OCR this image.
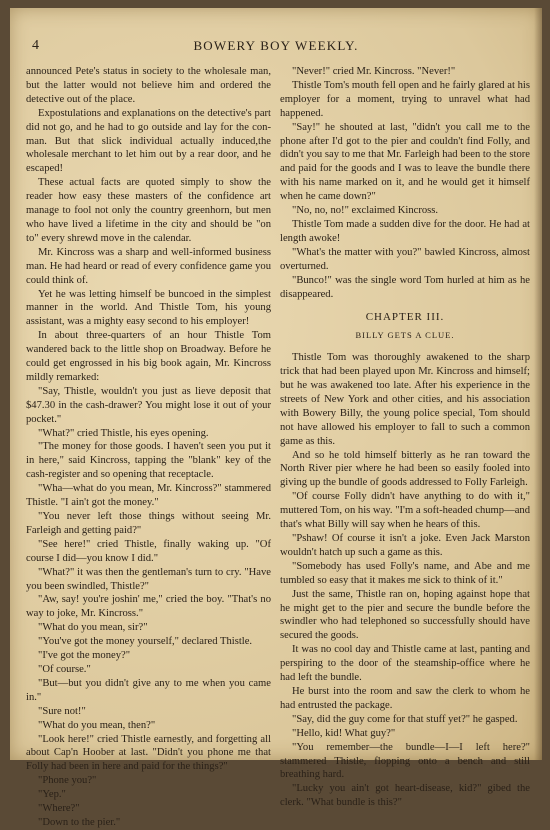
4	BOWERY BOY WEEKLY.

announced Pete's status in society to the wholesale man, but the latter would not believe him and ordered the detective out of the place.

Expostulations and explanations on the detective's part did not go, and he had to go outside and lay for the con-man. But that slick individual actually induced,the wholesale merchant to let him out by a rear door, and he escaped!

These actual facts are quoted simply to show the reader how easy these masters of the confidence art manage to fool not only the country greenhorn, but men who have lived a lifetime in the city and should be "on to" every shrewd move in the calendar.

Mr. Kincross was a sharp and well-informed business man. He had heard or read of every confidence game you could think of.

Yet he was letting himself be buncoed in the simplest manner in the world. And Thistle Tom, his young assistant, was a mighty easy second to his employer!

In about three-quarters of an hour Thistle Tom wandered back to the little shop on Broadway. Before he could get engrossed in his big book again, Mr. Kincross mildly remarked:

"Say, Thistle, wouldn't you just as lieve deposit that $47.30 in the cash-drawer? You might lose it out of your pocket."

"What?" cried Thistle, his eyes opening.

"The money for those goods. I haven't seen you put it in here," said Kincross, tapping the "blank" key of the cash-register and so opening that receptacle.

"Wha—what do you mean, Mr. Kincross?" stammered Thistle. "I ain't got the money."

"You never left those things without seeing Mr. Farleigh and getting paid?"

"See here!" cried Thistle, finally waking up. "Of course I did—you know I did."

"What?" it was then the gentleman's turn to cry. "Have you been swindled, Thistle?"

"Aw, say! you're joshin' me," cried the boy. "That's no way to joke, Mr. Kincross."

"What do you mean, sir?"

"You've got the money yourself," declared Thistle.

"I've got the money?"

"Of course."

"But—but you didn't give any to me when you came in."

"Sure not!"

"What do you mean, then?"

"Look here!" cried Thistle earnestly, and forgetting all about Cap'n Hoober at last. "Didn't you phone me that Folly had been in here and paid for the things?"

"Phone you?"

"Yep."

"Where?"

"Down to the pier."

"Never!" cried Mr. Kincross. "Never!"

Thistle Tom's mouth fell open and he fairly glared at his employer for a moment, trying to unravel what had happened.

"Say!" he shouted at last, "didn't you call me to the phone after I'd got to the pier and couldn't find Folly, and didn't you say to me that Mr. Farleigh had been to the store and paid for the goods and I was to leave the bundle there with his name marked on it, and he would get it himself when he came down?"

"No, no, no!" exclaimed Kincross.

Thistle Tom made a sudden dive for the door. He had at length awoke!

"What's the matter with you?" bawled Kincross, almost overturned.

"Bunco!" was the single word Tom hurled at him as he disappeared.

CHAPTER III.

BILLY GETS A CLUE.

Thistle Tom was thoroughly awakened to the sharp trick that had been played upon Mr. Kincross and himself; but he was awakened too late. After his experience in the streets of New York and other cities, and his association with Bowery Billy, the young police special, Tom should not have allowed his employer to fall to such a common game as this.

And so he told himself bitterly as he ran toward the North River pier where he had been so easily fooled into giving up the bundle of goods addressed to Folly Farleigh.

"Of course Folly didn't have anything to do with it," muttered Tom, on his way. "I'm a soft-headed chump—and that's what Billy will say when he hears of this.

"Pshaw! Of course it isn't a joke. Even Jack Marston wouldn't hatch up such a game as this.

"Somebody has used Folly's name, and Abe and me tumbled so easy that it makes me sick to think of it."

Just the same, Thistle ran on, hoping against hope that he might get to the pier and secure the bundle before the swindler who had telephoned so successfully should have secured the goods.

It was no cool day and Thistle came at last, panting and perspiring to the door of the steamship-office where he had left the bundle.

He burst into the room and saw the clerk to whom he had entrusted the package.

"Say, did the guy come for that stuff yet?" he gasped.

"Hello, kid! What guy?"

"You remember—the bundle—I—I left here?" stammered Thistle, flopping onto a bench and still breathing hard.

"Lucky you ain't got heart-disease, kid?" gibed the clerk. "What bundle is this?"
